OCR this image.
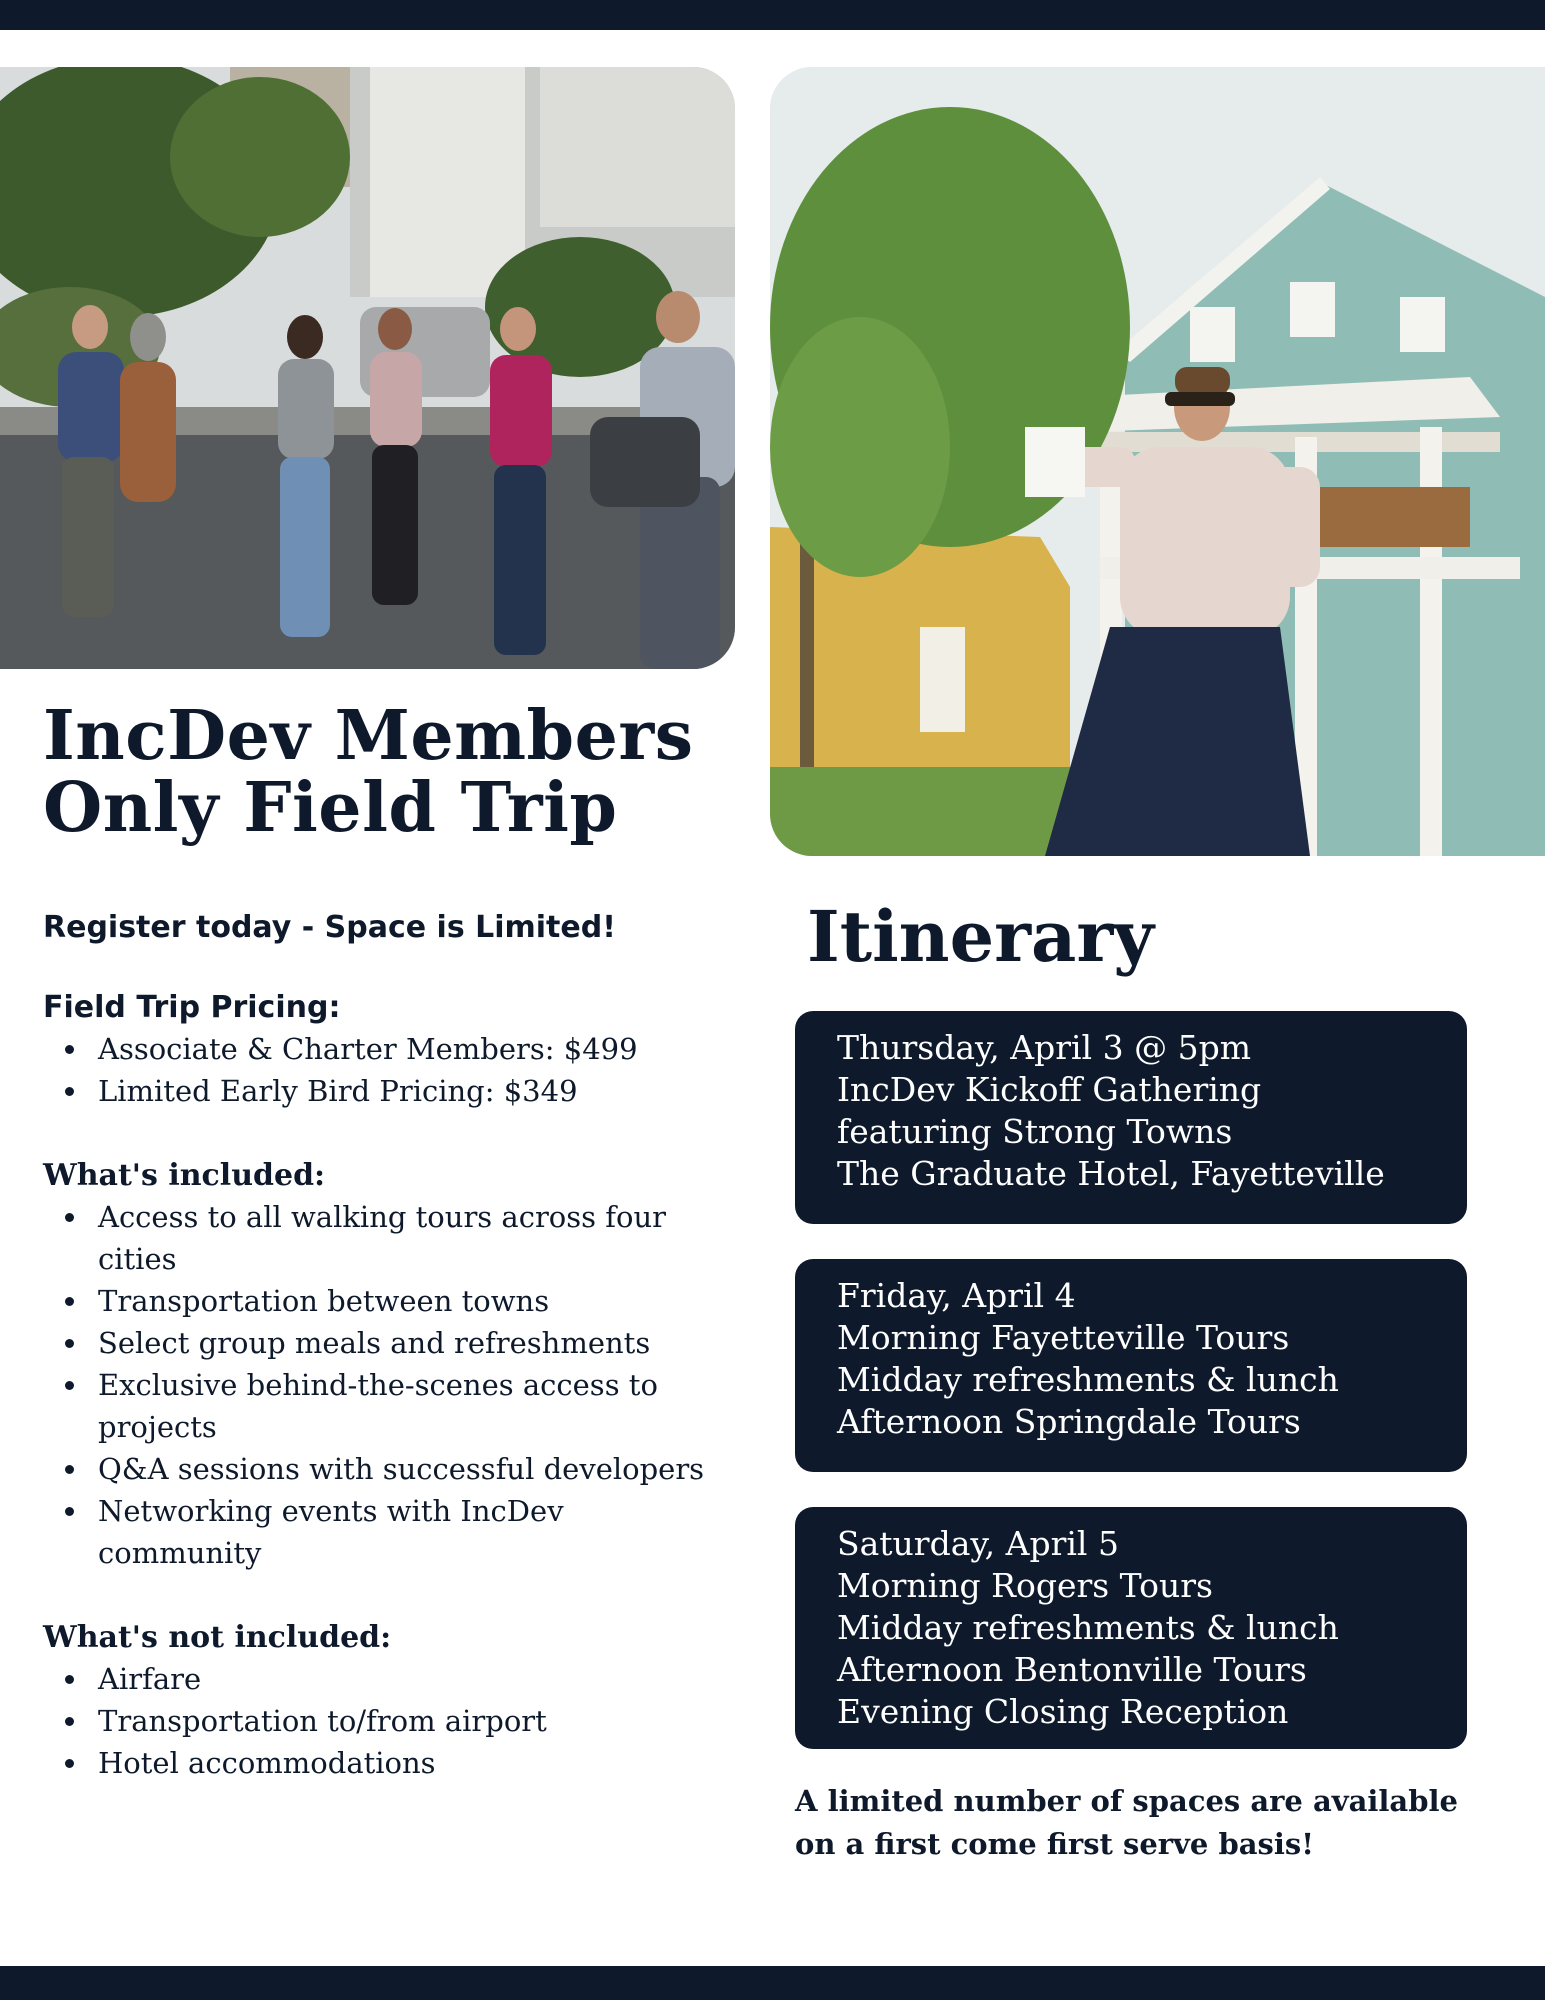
IncDev Members
Only Field Trip

Register today - Space is Limited!

Field Trip Pricing:

Associate & Charter Members: $499
Limited Early Bird Pricing: $349

What's included:

Access to all walking tours across four
cities
Transportation between towns
Select group meals and refreshments
Exclusive behind-the-scenes access to
projects
Q&A sessions with successful developers
Networking events with IncDev
community

What's not included:

Airfare
Transportation to/from airport
Hotel accommodations
Itinerary
Thursday, April 3 @ 5pm
IncDev Kickoff Gathering
featuring Strong Towns
The Graduate Hotel, Fayetteville
Friday, April 4
Morning Fayetteville Tours
Midday refreshments & lunch
Afternoon Springdale Tours
Saturday, April 5
Morning Rogers Tours
Midday refreshments & lunch
Afternoon Bentonville Tours
Evening Closing Reception

A limited number of spaces are available
on a first come first serve basis!
